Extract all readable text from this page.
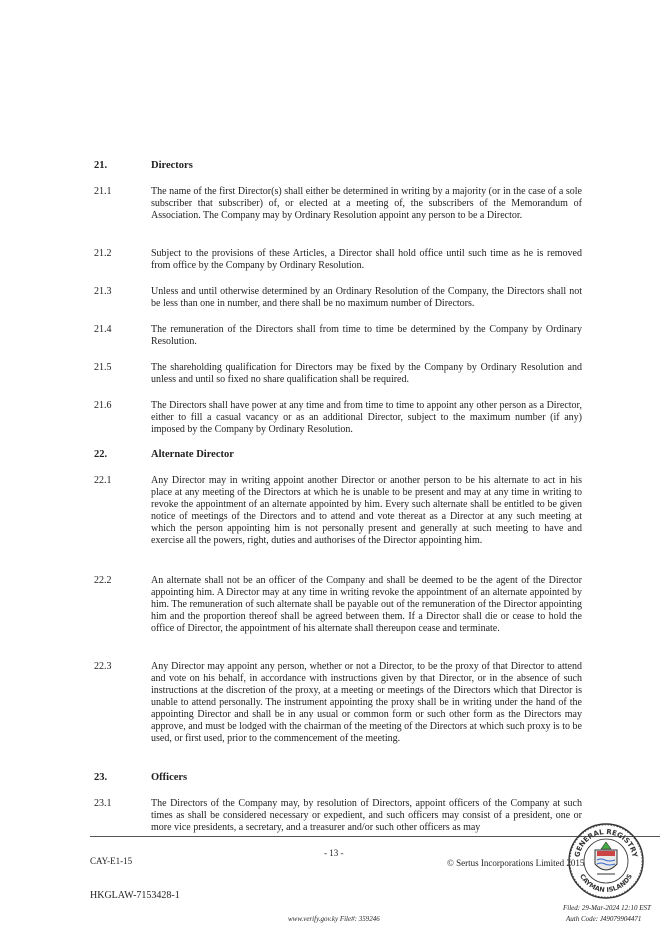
21.	Directors
21.1	The name of the first Director(s) shall either be determined in writing by a majority (or in the case of a sole subscriber that subscriber) of, or elected at a meeting of, the subscribers of the Memorandum of Association. The Company may by Ordinary Resolution appoint any person to be a Director.
21.2	Subject to the provisions of these Articles, a Director shall hold office until such time as he is removed from office by the Company by Ordinary Resolution.
21.3	Unless and until otherwise determined by an Ordinary Resolution of the Company, the Directors shall not be less than one in number, and there shall be no maximum number of Directors.
21.4	The remuneration of the Directors shall from time to time be determined by the Company by Ordinary Resolution.
21.5	The shareholding qualification for Directors may be fixed by the Company by Ordinary Resolution and unless and until so fixed no share qualification shall be required.
21.6	The Directors shall have power at any time and from time to time to appoint any other person as a Director, either to fill a casual vacancy or as an additional Director, subject to the maximum number (if any) imposed by the Company by Ordinary Resolution.
22.	Alternate Director
22.1	Any Director may in writing appoint another Director or another person to be his alternate to act in his place at any meeting of the Directors at which he is unable to be present and may at any time in writing to revoke the appointment of an alternate appointed by him. Every such alternate shall be entitled to be given notice of meetings of the Directors and to attend and vote thereat as a Director at any such meeting at which the person appointing him is not personally present and generally at such meeting to have and exercise all the powers, right, duties and authorises of the Director appointing him.
22.2	An alternate shall not be an officer of the Company and shall be deemed to be the agent of the Director appointing him. A Director may at any time in writing revoke the appointment of an alternate appointed by him. The remuneration of such alternate shall be payable out of the remuneration of the Director appointing him and the proportion thereof shall be agreed between them. If a Director shall die or cease to hold the office of Director, the appointment of his alternate shall thereupon cease and terminate.
22.3	Any Director may appoint any person, whether or not a Director, to be the proxy of that Director to attend and vote on his behalf, in accordance with instructions given by that Director, or in the absence of such instructions at the discretion of the proxy, at a meeting or meetings of the Directors which that Director is unable to attend personally. The instrument appointing the proxy shall be in writing under the hand of the appointing Director and shall be in any usual or common form or such other form as the Directors may approve, and must be lodged with the chairman of the meeting of the Directors at which such proxy is to be used, or first used, prior to the commencement of the meeting.
23.	Officers
23.1	The Directors of the Company may, by resolution of Directors, appoint officers of the Company at such times as shall be considered necessary or expedient, and such officers may consist of a president, one or more vice presidents, a secretary, and a treasurer and/or such other officers as may
CAY-E1-15
- 13 -
© Sertus Incorporations Limited 2015
HKGLAW-7153428-1
www.verify.gov.ky File#: 359246
Filed: 29-Mar-2024 12:10 EST
Auth Code: J49079904471
GENERAL REGISTRY
CAYMAN ISLANDS
